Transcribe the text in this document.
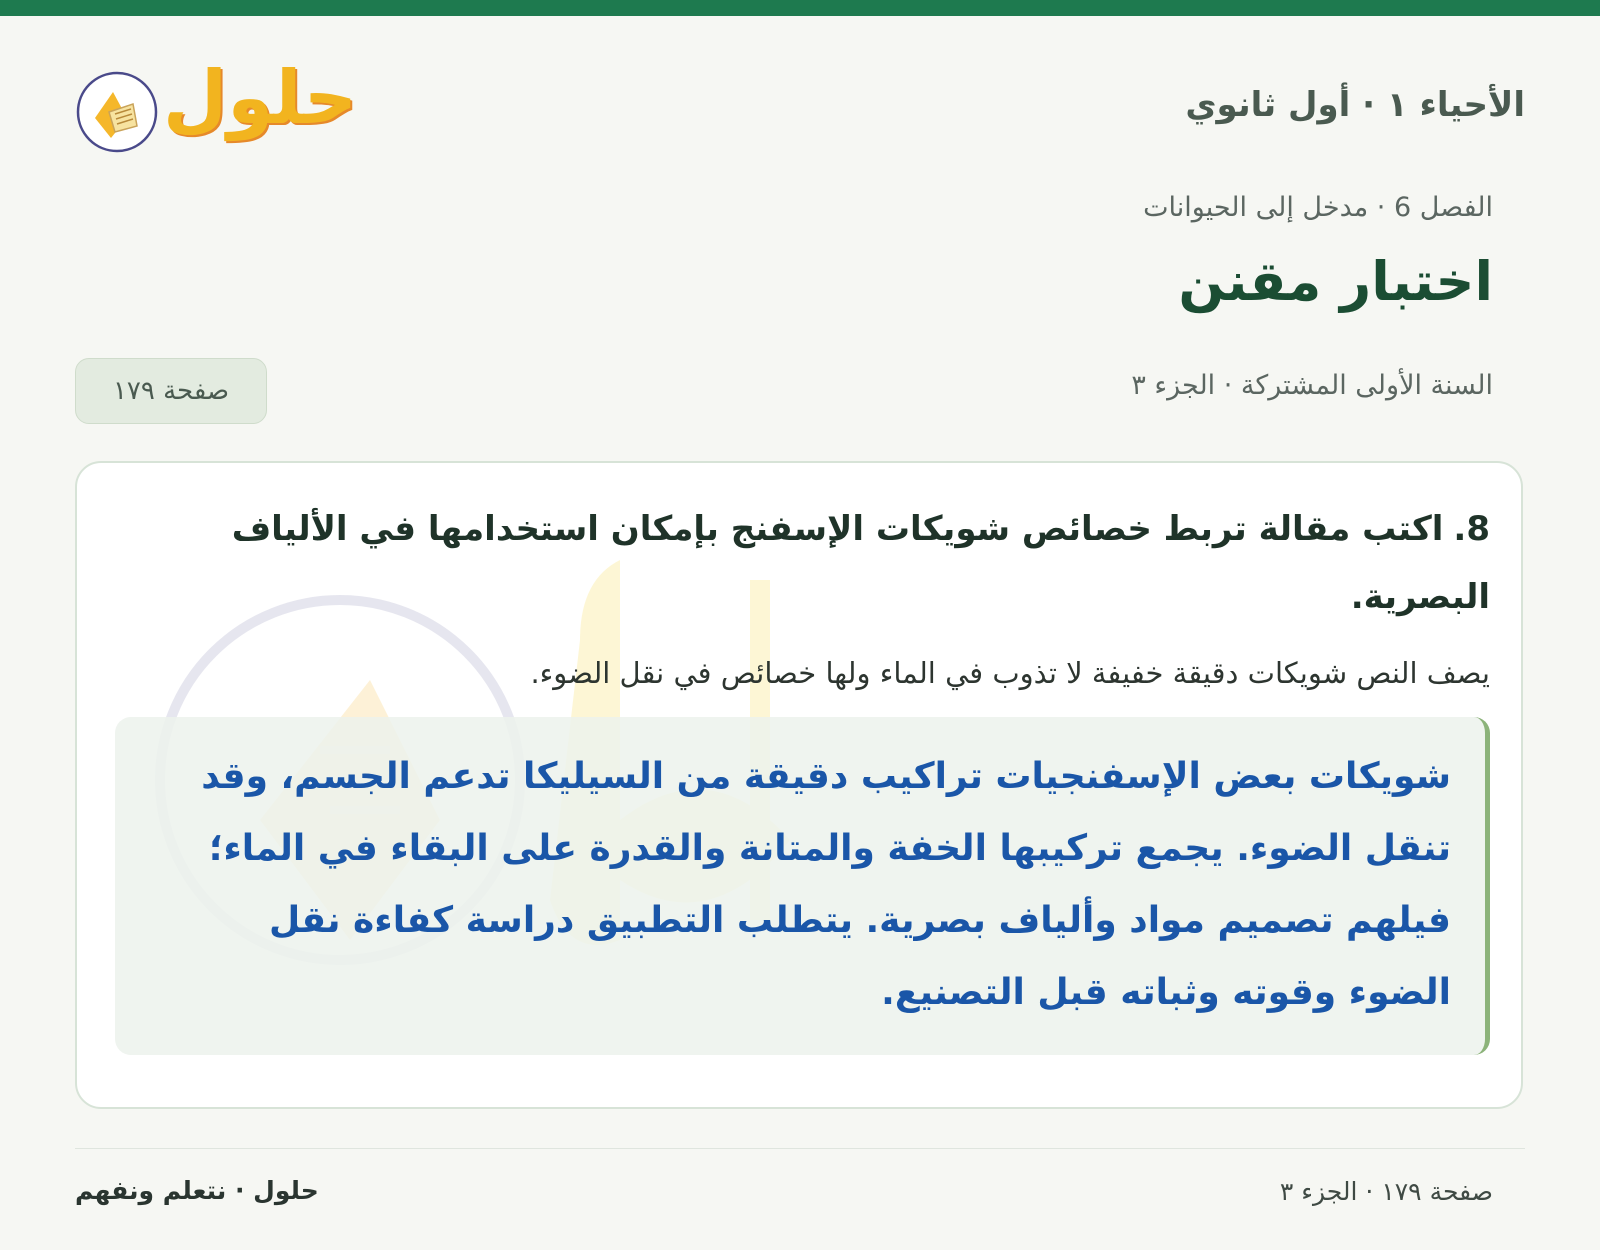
الأحياء ١ · أول ثانوي
حلول
الفصل 6 · مدخل إلى الحيوانات
اختبار مقنن
السنة الأولى المشتركة · الجزء ٣
صفحة ١٧٩

8.اكتب مقالة تربط خصائص شويكات الإسفنج بإمكان استخدامها في الألياف البصرية.

يصف النص شويكات دقيقة خفيفة لا تذوب في الماء ولها خصائص في نقل الضوء.
شويكات بعض الإسفنجيات تراكيب دقيقة من السيليكا تدعم الجسم، وقد تنقل الضوء. يجمع تركيبها الخفة والمتانة والقدرة على البقاء في الماء؛ فيلهم تصميم مواد وألياف بصرية. يتطلب التطبيق دراسة كفاءة نقل الضوء وقوته وثباته قبل التصنيع.
صفحة ١٧٩ · الجزء ٣
حلول · نتعلم ونفهم
